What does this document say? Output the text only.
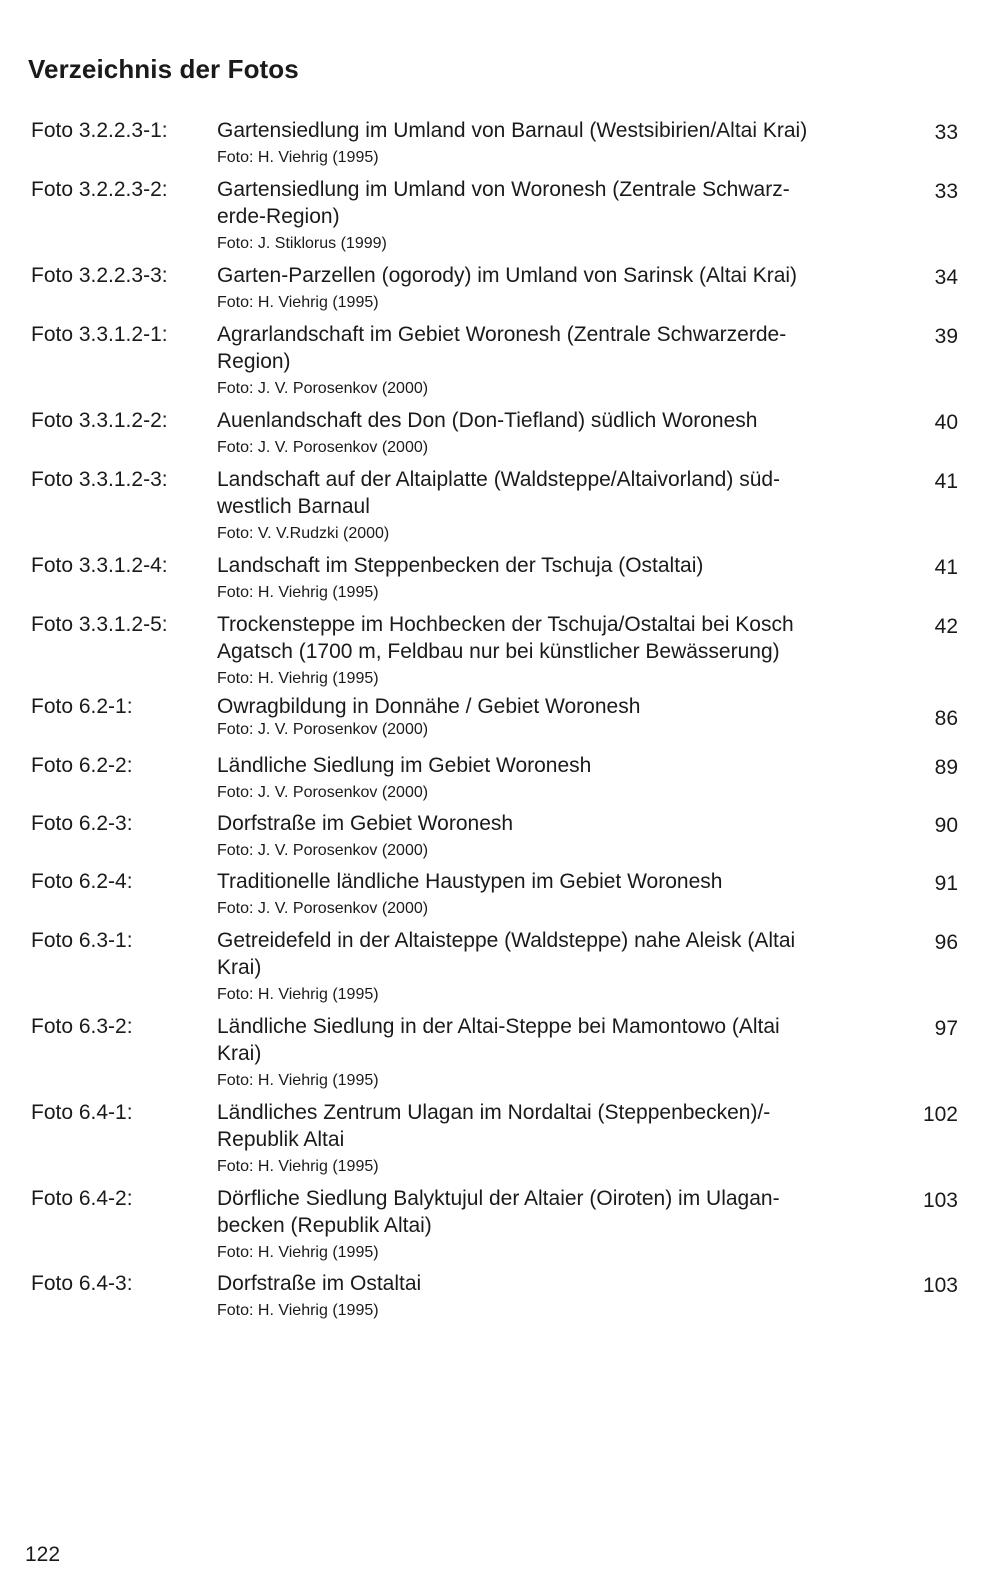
Verzeichnis der Fotos
Foto 3.2.2.3-1: Gartensiedlung im Umland von Barnaul (Westsibirien/Altai Krai)
Foto: H. Viehrig (1995)
33
Foto 3.2.2.3-2: Gartensiedlung im Umland von Woronesh (Zentrale Schwarz-
erde-Region)
Foto: J. Stiklorus (1999)
33
Foto 3.2.2.3-3: Garten-Parzellen (ogorody) im Umland von Sarinsk (Altai Krai)
Foto: H. Viehrig (1995)
34
Foto 3.3.1.2-1: Agrarlandschaft im Gebiet Woronesh (Zentrale Schwarzerde-
Region)
Foto: J. V. Porosenkov (2000)
39
Foto 3.3.1.2-2: Auenlandschaft des Don (Don-Tiefland) südlich Woronesh
Foto: J. V. Porosenkov (2000)
40
Foto 3.3.1.2-3: Landschaft auf der Altaiplatte (Waldsteppe/Altaivorland) süd-
westlich Barnaul
Foto: V. V.Rudzki (2000)
41
Foto 3.3.1.2-4: Landschaft im Steppenbecken der Tschuja (Ostaltai)
Foto: H. Viehrig (1995)
41
Foto 3.3.1.2-5: Trockensteppe im Hochbecken der Tschuja/Ostaltai bei Kosch
Agatsch (1700 m, Feldbau nur bei künstlicher Bewässerung)
Foto: H. Viehrig (1995)
42
Foto 6.2-1:	Owragbildung in Donnähe / Gebiet Woronesh
Foto: J. V. Porosenkov (2000)	86
Foto 6.2-2:	Ländliche Siedlung im Gebiet Woronesh
Foto: J. V. Porosenkov (2000)
89
Foto 6.2-3:	Dorfstraße im Gebiet Woronesh
Foto: J. V. Porosenkov (2000)
90
Foto 6.2-4:	Traditionelle ländliche Haustypen im Gebiet Woronesh
Foto: J. V. Porosenkov (2000)
91
Foto 6.3-1:	Getreidefeld in der Altaisteppe (Waldsteppe) nahe Aleisk (Altai
Krai)
Foto: H. Viehrig (1995)
96
Foto 6.3-2:	Ländliche Siedlung in der Altai-Steppe bei Mamontowo (Altai
Krai)
Foto: H. Viehrig (1995)
97
Foto 6.4-1:	Ländliches Zentrum Ulagan im Nordaltai (Steppenbecken)/-
Republik Altai
Foto: H. Viehrig (1995)
102
Foto 6.4-2:	Dörfliche Siedlung Balyktujul der Altaier (Oiroten) im Ulagan-
becken (Republik Altai)
Foto: H. Viehrig (1995)
103
Foto 6.4-3:	Dorfstraße im Ostaltai
Foto: H. Viehrig (1995)
103
122
